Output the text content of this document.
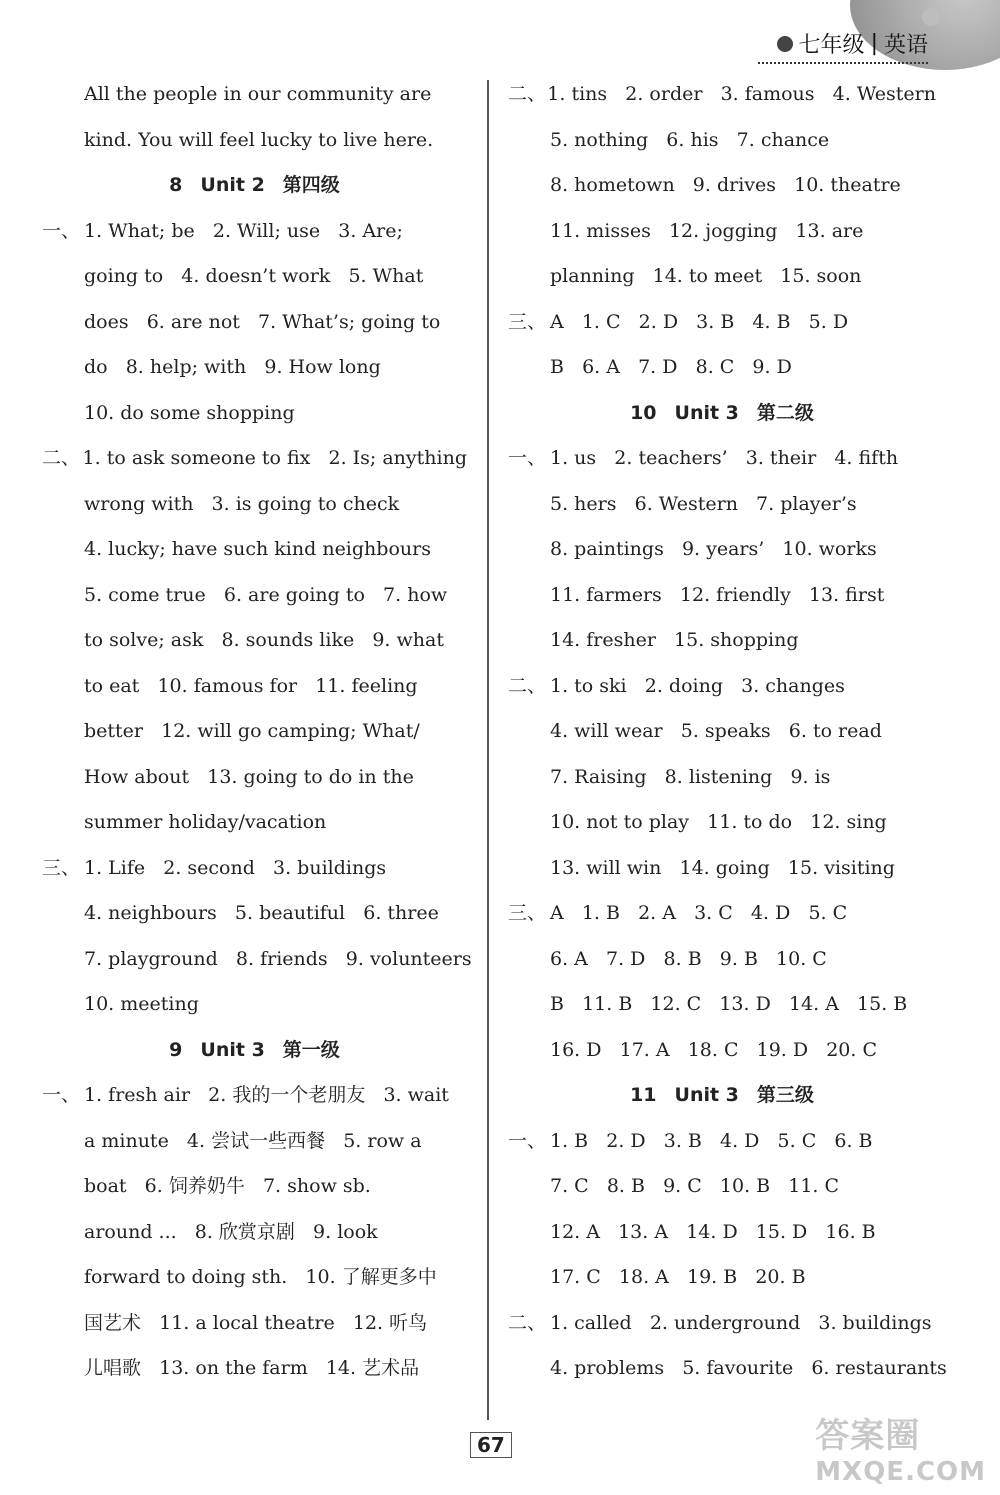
七年级 | 英语
All the people in our community are
kind. You will feel lucky to live here.
8 Unit 2 第四级
一、 1. What; be   2. Will; use   3. Are;
going to   4. doesn’t work   5. What
does   6. are not   7. What’s; going to
do   8. help; with   9. How long
10. do some shopping
二、 1. to ask someone to fix   2. Is; anything
wrong with   3. is going to check
4. lucky; have such kind neighbours
5. come true   6. are going to   7. how
to solve; ask   8. sounds like   9. what
to eat   10. famous for   11. feeling
better   12. will go camping; What/
How about   13. going to do in the
summer holiday/vacation
三、 1. Life   2. second   3. buildings
4. neighbours   5. beautiful   6. three
7. playground   8. friends   9. volunteers
10. meeting
9 Unit 3 第一级
一、 1. fresh air   2. 我的一个老朋友   3. wait
a minute   4. 尝试一些西餐   5. row a
boat   6. 饲养奶牛   7. show sb.
around ...   8. 欣赏京剧   9. look
forward to doing sth.   10. 了解更多中
国艺术   11. a local theatre   12. 听鸟
儿唱歌   13. on the farm   14. 艺术品
二、 1. tins   2. order   3. famous   4. Western
5. nothing   6. his   7. chance
8. hometown   9. drives   10. theatre
11. misses   12. jogging   13. are
planning   14. to meet   15. soon
三、 A   1. C   2. D   3. B   4. B   5. D
B   6. A   7. D   8. C   9. D
10 Unit 3 第二级
一、 1. us   2. teachers’   3. their   4. fifth
5. hers   6. Western   7. player’s
8. paintings   9. years’   10. works
11. farmers   12. friendly   13. first
14. fresher   15. shopping
二、 1. to ski   2. doing   3. changes
4. will wear   5. speaks   6. to read
7. Raising   8. listening   9. is
10. not to play   11. to do   12. sing
13. will win   14. going   15. visiting
三、 A   1. B   2. A   3. C   4. D   5. C
6. A   7. D   8. B   9. B   10. C
B   11. B   12. C   13. D   14. A   15. B
16. D   17. A   18. C   19. D   20. C
11 Unit 3 第三级
一、 1. B   2. D   3. B   4. D   5. C   6. B
7. C   8. B   9. C   10. B   11. C
12. A   13. A   14. D   15. D   16. B
17. C   18. A   19. B   20. B
二、 1. called   2. underground   3. buildings
4. problems   5. favourite   6. restaurants
67	答案圈
MXQE.COM
